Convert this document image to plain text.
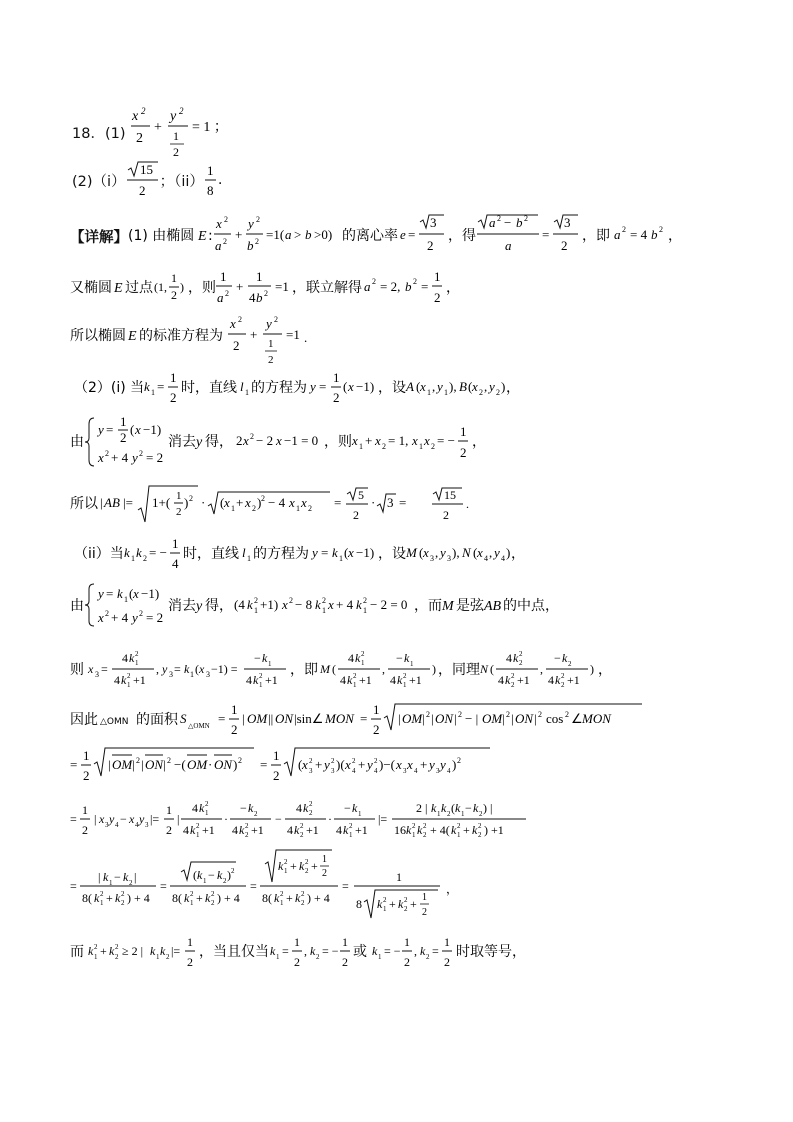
18．(1)
x 2
2
+
y 2
1
2
= 1 ；
(2)（i）
15
2
；（ii）
1
8
.
【详解】 (1) 由椭圆 E :
x 2
a 2 +
y 2
b 2 =1( a > b >0) 的离心率 e =
3
2
，得
a 2 − b 2
a
=
3
2
，即 a 2 = 4 b 2 ，
又椭圆 E 过点 (1,
1
2
) ，则
1
a 2 +
1
4 b 2 =1 ，联立解得 a 2 = 2, b 2 =
1
2
，
所以椭圆 E 的标准方程为
x 2
2
+
y 2
1
2
=1 .
（2）(i) 当 k 1 =
1
2
时，直线 l 1 的方程为 y =
1
2
( x −1) ，设 A ( x 1 , y 1 ), B ( x 2 , y 2 ) ，
由
y =
1
2
( x −1)
x 2 + 4 y 2 = 2
消去 y 得， 2 x 2 − 2 x −1 = 0 ，则 x 1 + x 2 = 1, x 1 x 2 = −
1
2
，
所以 | AB |= 1+( 1
2
) 2 · ( x 1 + x 2 ) 2 − 4 x 1 x 2 = 5
2
· 3 =	15
2
.
（ii）当 k 1 k 2 = −
1
4
时，直线 l 1 的方程为 y = k 1 ( x −1) ，设 M ( x 3 , y 3 ), N ( x 4 , y 4 ) ，
由
y = k 1 ( x −1)
x 2 + 4 y 2 = 2
消去 y 得， (4 k 2
1 +1) x 2 − 8 k 2
1 x + 4 k 2
1 − 2 = 0 ，而 M 是弦 AB 的中点，
则 x 3 =
4 k 2
1
4 k 2
1 +1
, y 3 = k 1 ( x 3 −1) =
− k 1
4 k 2
1 +1
，即 M (
4 k 2
1
4 k 2
1 +1
,
− k 1
4 k 2
1 +1
) ，同理 N (
4 k 2
2
4 k 2
2 +1
,
− k 2
4 k 2
2 +1
) ，
因此 △OMN 的面积 S △OMN =
1
2
| OM || ON |sin∠ MON =
1
2
| OM | 2 | ON | 2 − | OM | 2 | ON | 2 cos 2 ∠ MON
=
1
2
| OM | 2 | ON | 2 −( OM · ON ) 2 =
1
2
( x 2
3 + y 2
3 )( x 2
4 + y 2
4 )−( x 3 x 4 + y 3 y 4 ) 2
=
1
2
| x 3 y 4 − x 4 y 3 |=
1
2
|
4 k 2
1
4 k 2
1 +1
·
− k 2
4 k 2
2 +1
−
4 k 2
2
4 k 2
2 +1
·
− k 1
4 k 2
1 +1
|=
2 | k 1 k 2 ( k 1 − k 2 ) |
16 k 2
1 k 2
2 + 4( k 2
1 + k 2
2 ) +1
=
| k 1 − k 2 |
8( k 2
1 + k 2
2 ) + 4
=
( k 1 − k 2 ) 2
8( k 2
1 + k 2
2 ) + 4
=
k 2
1 + k 2
2 + 1
2
8( k 2
1 + k 2
2 ) + 4
=
1
8 k 2
1 + k 2
2 + 1
2
，
而 k 2
1 + k 2
2 ≥ 2 | k 1 k 2 |=
1
2
，当且仅当 k 1 =
1
2
, k 2 = −
1
2
或 k 1 = −
1
2
, k 2 =
1
2
时取等号，
